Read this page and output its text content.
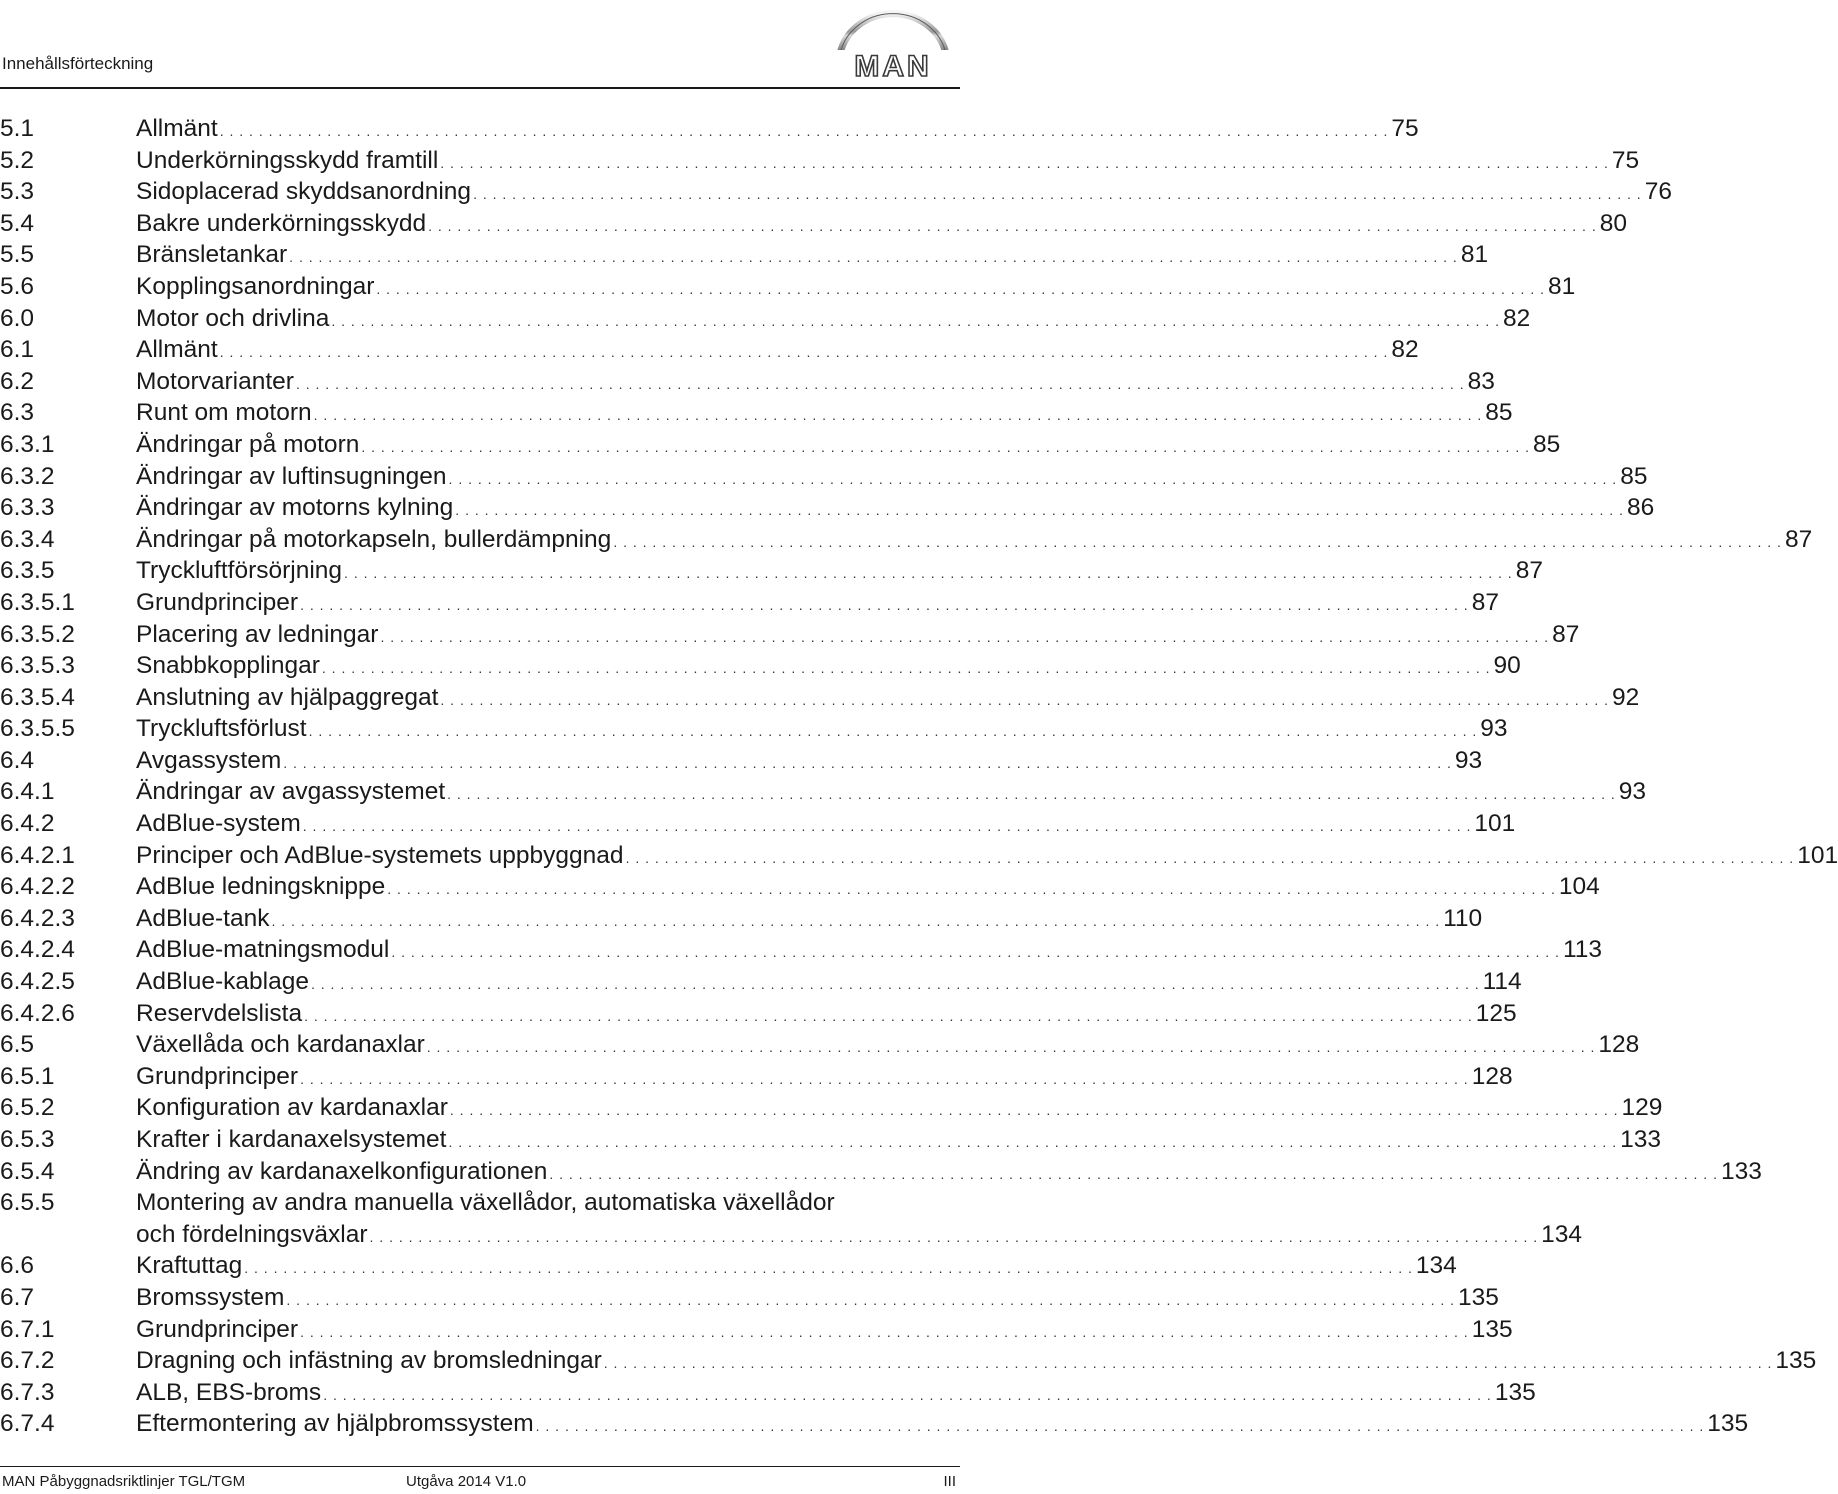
Innehållsförteckning	MAN
5.1	Allmänt . . . . . . . . . . . . . . . . . . . . . . . . . . . . . . . . . . . . . . . . . . . . . . . . . . . . . . . . . . . . . . . . . . . . . . . . . . . . . . . . . . . . . . . . . . . . . . . . . . . . . . . . . . . . . . . . . . . . . . . . 75
5.2	Underkörningsskydd framtill . . . . . . . . . . . . . . . . . . . . . . . . . . . . . . . . . . . . . . . . . . . . . . . . . . . . . . . . . . . . . . . . . . . . . . . . . . . . . . . . . . . . . . . . . . . . . . . . . . . . . . . . . . . . . . . . . . . . . . . . 75
5.3	Sidoplacerad skyddsanordning . . . . . . . . . . . . . . . . . . . . . . . . . . . . . . . . . . . . . . . . . . . . . . . . . . . . . . . . . . . . . . . . . . . . . . . . . . . . . . . . . . . . . . . . . . . . . . . . . . . . . . . . . . . . . . . . . . . . . . . . 76
5.4	Bakre underkörningsskydd . . . . . . . . . . . . . . . . . . . . . . . . . . . . . . . . . . . . . . . . . . . . . . . . . . . . . . . . . . . . . . . . . . . . . . . . . . . . . . . . . . . . . . . . . . . . . . . . . . . . . . . . . . . . . . . . . . . . . . . . 80
5.5	Bränsletankar . . . . . . . . . . . . . . . . . . . . . . . . . . . . . . . . . . . . . . . . . . . . . . . . . . . . . . . . . . . . . . . . . . . . . . . . . . . . . . . . . . . . . . . . . . . . . . . . . . . . . . . . . . . . . . . . . . . . . . . . 81
5.6	Kopplingsanordningar . . . . . . . . . . . . . . . . . . . . . . . . . . . . . . . . . . . . . . . . . . . . . . . . . . . . . . . . . . . . . . . . . . . . . . . . . . . . . . . . . . . . . . . . . . . . . . . . . . . . . . . . . . . . . . . . . . . . . . . . 81
6.0	Motor och drivlina . . . . . . . . . . . . . . . . . . . . . . . . . . . . . . . . . . . . . . . . . . . . . . . . . . . . . . . . . . . . . . . . . . . . . . . . . . . . . . . . . . . . . . . . . . . . . . . . . . . . . . . . . . . . . . . . . . . . . . . . 82
6.1	Allmänt . . . . . . . . . . . . . . . . . . . . . . . . . . . . . . . . . . . . . . . . . . . . . . . . . . . . . . . . . . . . . . . . . . . . . . . . . . . . . . . . . . . . . . . . . . . . . . . . . . . . . . . . . . . . . . . . . . . . . . . . 82
6.2	Motorvarianter . . . . . . . . . . . . . . . . . . . . . . . . . . . . . . . . . . . . . . . . . . . . . . . . . . . . . . . . . . . . . . . . . . . . . . . . . . . . . . . . . . . . . . . . . . . . . . . . . . . . . . . . . . . . . . . . . . . . . . . . 83
6.3	Runt om motorn . . . . . . . . . . . . . . . . . . . . . . . . . . . . . . . . . . . . . . . . . . . . . . . . . . . . . . . . . . . . . . . . . . . . . . . . . . . . . . . . . . . . . . . . . . . . . . . . . . . . . . . . . . . . . . . . . . . . . . . . 85
6.3.1	Ändringar på motorn . . . . . . . . . . . . . . . . . . . . . . . . . . . . . . . . . . . . . . . . . . . . . . . . . . . . . . . . . . . . . . . . . . . . . . . . . . . . . . . . . . . . . . . . . . . . . . . . . . . . . . . . . . . . . . . . . . . . . . . . 85
6.3.2	Ändringar av luftinsugningen . . . . . . . . . . . . . . . . . . . . . . . . . . . . . . . . . . . . . . . . . . . . . . . . . . . . . . . . . . . . . . . . . . . . . . . . . . . . . . . . . . . . . . . . . . . . . . . . . . . . . . . . . . . . . . . . . . . . . . . . 85
6.3.3	Ändringar av motorns kylning . . . . . . . . . . . . . . . . . . . . . . . . . . . . . . . . . . . . . . . . . . . . . . . . . . . . . . . . . . . . . . . . . . . . . . . . . . . . . . . . . . . . . . . . . . . . . . . . . . . . . . . . . . . . . . . . . . . . . . . . 86
6.3.4	Ändringar på motorkapseln, bullerdämpning . . . . . . . . . . . . . . . . . . . . . . . . . . . . . . . . . . . . . . . . . . . . . . . . . . . . . . . . . . . . . . . . . . . . . . . . . . . . . . . . . . . . . . . . . . . . . . . . . . . . . . . . . . . . . . . . . . . . . . . . 87
6.3.5	Tryckluftförsörjning . . . . . . . . . . . . . . . . . . . . . . . . . . . . . . . . . . . . . . . . . . . . . . . . . . . . . . . . . . . . . . . . . . . . . . . . . . . . . . . . . . . . . . . . . . . . . . . . . . . . . . . . . . . . . . . . . . . . . . . . 87
6.3.5.1	Grundprinciper . . . . . . . . . . . . . . . . . . . . . . . . . . . . . . . . . . . . . . . . . . . . . . . . . . . . . . . . . . . . . . . . . . . . . . . . . . . . . . . . . . . . . . . . . . . . . . . . . . . . . . . . . . . . . . . . . . . . . . . . 87
6.3.5.2	Placering av ledningar . . . . . . . . . . . . . . . . . . . . . . . . . . . . . . . . . . . . . . . . . . . . . . . . . . . . . . . . . . . . . . . . . . . . . . . . . . . . . . . . . . . . . . . . . . . . . . . . . . . . . . . . . . . . . . . . . . . . . . . . 87
6.3.5.3	Snabbkopplingar . . . . . . . . . . . . . . . . . . . . . . . . . . . . . . . . . . . . . . . . . . . . . . . . . . . . . . . . . . . . . . . . . . . . . . . . . . . . . . . . . . . . . . . . . . . . . . . . . . . . . . . . . . . . . . . . . . . . . . . . 90
6.3.5.4	Anslutning av hjälpaggregat . . . . . . . . . . . . . . . . . . . . . . . . . . . . . . . . . . . . . . . . . . . . . . . . . . . . . . . . . . . . . . . . . . . . . . . . . . . . . . . . . . . . . . . . . . . . . . . . . . . . . . . . . . . . . . . . . . . . . . . . 92
6.3.5.5	Tryckluftsförlust . . . . . . . . . . . . . . . . . . . . . . . . . . . . . . . . . . . . . . . . . . . . . . . . . . . . . . . . . . . . . . . . . . . . . . . . . . . . . . . . . . . . . . . . . . . . . . . . . . . . . . . . . . . . . . . . . . . . . . . . 93
6.4	Avgassystem . . . . . . . . . . . . . . . . . . . . . . . . . . . . . . . . . . . . . . . . . . . . . . . . . . . . . . . . . . . . . . . . . . . . . . . . . . . . . . . . . . . . . . . . . . . . . . . . . . . . . . . . . . . . . . . . . . . . . . . . 93
6.4.1	Ändringar av avgassystemet . . . . . . . . . . . . . . . . . . . . . . . . . . . . . . . . . . . . . . . . . . . . . . . . . . . . . . . . . . . . . . . . . . . . . . . . . . . . . . . . . . . . . . . . . . . . . . . . . . . . . . . . . . . . . . . . . . . . . . . . 93
6.4.2	AdBlue-system . . . . . . . . . . . . . . . . . . . . . . . . . . . . . . . . . . . . . . . . . . . . . . . . . . . . . . . . . . . . . . . . . . . . . . . . . . . . . . . . . . . . . . . . . . . . . . . . . . . . . . . . . . . . . . . . . . . . . . . . 101
6.4.2.1	Principer och AdBlue-systemets uppbyggnad . . . . . . . . . . . . . . . . . . . . . . . . . . . . . . . . . . . . . . . . . . . . . . . . . . . . . . . . . . . . . . . . . . . . . . . . . . . . . . . . . . . . . . . . . . . . . . . . . . . . . . . . . . . . . . . . . . . . . . . . 101
6.4.2.2	AdBlue ledningsknippe . . . . . . . . . . . . . . . . . . . . . . . . . . . . . . . . . . . . . . . . . . . . . . . . . . . . . . . . . . . . . . . . . . . . . . . . . . . . . . . . . . . . . . . . . . . . . . . . . . . . . . . . . . . . . . . . . . . . . . . . 104
6.4.2.3	AdBlue-tank . . . . . . . . . . . . . . . . . . . . . . . . . . . . . . . . . . . . . . . . . . . . . . . . . . . . . . . . . . . . . . . . . . . . . . . . . . . . . . . . . . . . . . . . . . . . . . . . . . . . . . . . . . . . . . . . . . . . . . . . 110
6.4.2.4	AdBlue-matningsmodul . . . . . . . . . . . . . . . . . . . . . . . . . . . . . . . . . . . . . . . . . . . . . . . . . . . . . . . . . . . . . . . . . . . . . . . . . . . . . . . . . . . . . . . . . . . . . . . . . . . . . . . . . . . . . . . . . . . . . . . . 113
6.4.2.5	AdBlue-kablage . . . . . . . . . . . . . . . . . . . . . . . . . . . . . . . . . . . . . . . . . . . . . . . . . . . . . . . . . . . . . . . . . . . . . . . . . . . . . . . . . . . . . . . . . . . . . . . . . . . . . . . . . . . . . . . . . . . . . . . . 114
6.4.2.6	Reservdelslista . . . . . . . . . . . . . . . . . . . . . . . . . . . . . . . . . . . . . . . . . . . . . . . . . . . . . . . . . . . . . . . . . . . . . . . . . . . . . . . . . . . . . . . . . . . . . . . . . . . . . . . . . . . . . . . . . . . . . . . . 125
6.5	Växellåda och kardanaxlar . . . . . . . . . . . . . . . . . . . . . . . . . . . . . . . . . . . . . . . . . . . . . . . . . . . . . . . . . . . . . . . . . . . . . . . . . . . . . . . . . . . . . . . . . . . . . . . . . . . . . . . . . . . . . . . . . . . . . . . . 128
6.5.1	Grundprinciper . . . . . . . . . . . . . . . . . . . . . . . . . . . . . . . . . . . . . . . . . . . . . . . . . . . . . . . . . . . . . . . . . . . . . . . . . . . . . . . . . . . . . . . . . . . . . . . . . . . . . . . . . . . . . . . . . . . . . . . . 128
6.5.2	Konfiguration av kardanaxlar . . . . . . . . . . . . . . . . . . . . . . . . . . . . . . . . . . . . . . . . . . . . . . . . . . . . . . . . . . . . . . . . . . . . . . . . . . . . . . . . . . . . . . . . . . . . . . . . . . . . . . . . . . . . . . . . . . . . . . . . 129
6.5.3	Krafter i kardanaxelsystemet . . . . . . . . . . . . . . . . . . . . . . . . . . . . . . . . . . . . . . . . . . . . . . . . . . . . . . . . . . . . . . . . . . . . . . . . . . . . . . . . . . . . . . . . . . . . . . . . . . . . . . . . . . . . . . . . . . . . . . . . 133
6.5.4	Ändring av kardanaxelkonfigurationen . . . . . . . . . . . . . . . . . . . . . . . . . . . . . . . . . . . . . . . . . . . . . . . . . . . . . . . . . . . . . . . . . . . . . . . . . . . . . . . . . . . . . . . . . . . . . . . . . . . . . . . . . . . . . . . . . . . . . . . . 133
6.5.5	Montering av andra manuella växellådor, automatiska växellådor
och fördelningsväxlar . . . . . . . . . . . . . . . . . . . . . . . . . . . . . . . . . . . . . . . . . . . . . . . . . . . . . . . . . . . . . . . . . . . . . . . . . . . . . . . . . . . . . . . . . . . . . . . . . . . . . . . . . . . . . . . . . . . . . . . . 134
6.6	Kraftuttag . . . . . . . . . . . . . . . . . . . . . . . . . . . . . . . . . . . . . . . . . . . . . . . . . . . . . . . . . . . . . . . . . . . . . . . . . . . . . . . . . . . . . . . . . . . . . . . . . . . . . . . . . . . . . . . . . . . . . . . . 134
6.7	Bromssystem . . . . . . . . . . . . . . . . . . . . . . . . . . . . . . . . . . . . . . . . . . . . . . . . . . . . . . . . . . . . . . . . . . . . . . . . . . . . . . . . . . . . . . . . . . . . . . . . . . . . . . . . . . . . . . . . . . . . . . . . 135
6.7.1	Grundprinciper . . . . . . . . . . . . . . . . . . . . . . . . . . . . . . . . . . . . . . . . . . . . . . . . . . . . . . . . . . . . . . . . . . . . . . . . . . . . . . . . . . . . . . . . . . . . . . . . . . . . . . . . . . . . . . . . . . . . . . . . 135
6.7.2	Dragning och infästning av bromsledningar . . . . . . . . . . . . . . . . . . . . . . . . . . . . . . . . . . . . . . . . . . . . . . . . . . . . . . . . . . . . . . . . . . . . . . . . . . . . . . . . . . . . . . . . . . . . . . . . . . . . . . . . . . . . . . . . . . . . . . . . 135
6.7.3	ALB, EBS-broms . . . . . . . . . . . . . . . . . . . . . . . . . . . . . . . . . . . . . . . . . . . . . . . . . . . . . . . . . . . . . . . . . . . . . . . . . . . . . . . . . . . . . . . . . . . . . . . . . . . . . . . . . . . . . . . . . . . . . . . . 135
6.7.4	Eftermontering av hjälpbromssystem . . . . . . . . . . . . . . . . . . . . . . . . . . . . . . . . . . . . . . . . . . . . . . . . . . . . . . . . . . . . . . . . . . . . . . . . . . . . . . . . . . . . . . . . . . . . . . . . . . . . . . . . . . . . . . . . . . . . . . . . 135
MAN Påbyggnadsriktlinjer TGL/TGM	Utgåva 2014 V1.0	III
